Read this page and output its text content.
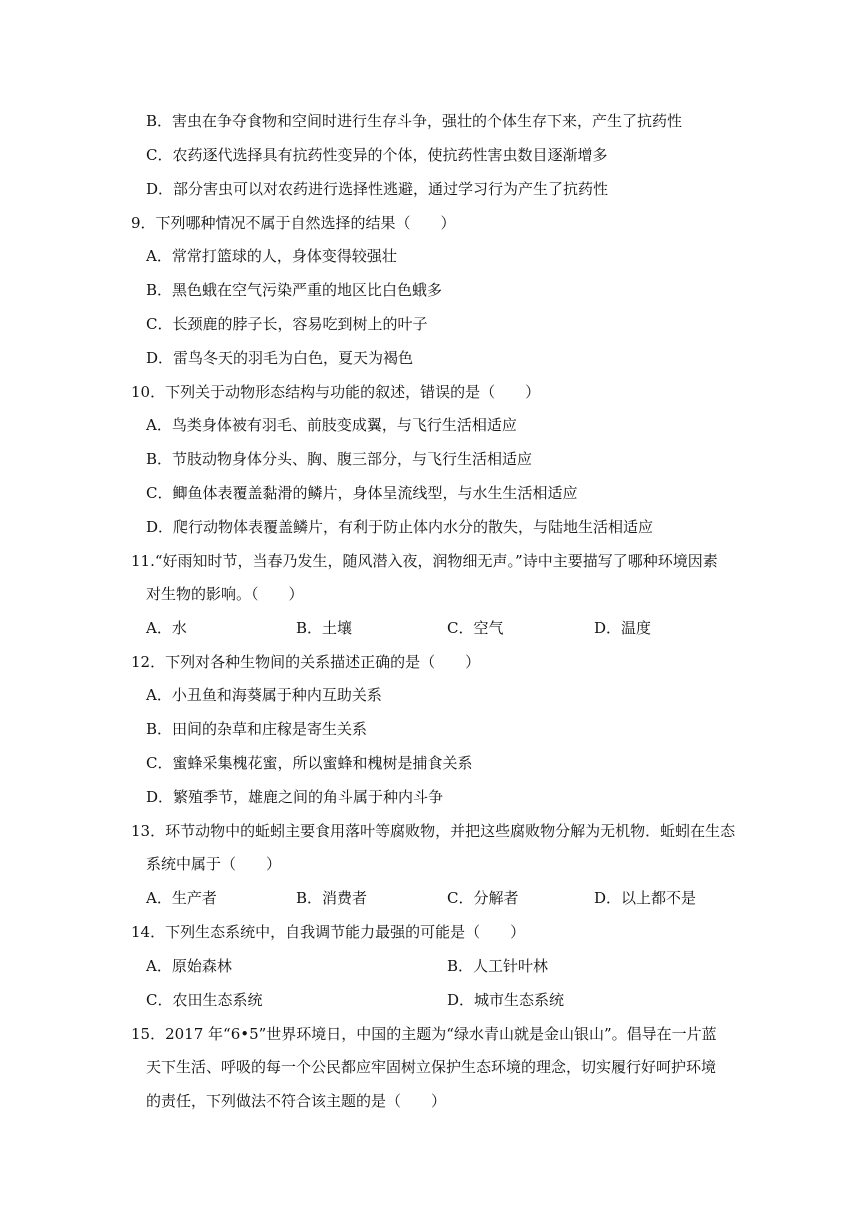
B．害虫在争夺食物和空间时进行生存斗争，强壮的个体生存下来，产生了抗药性
C．农药逐代选择具有抗药性变异的个体，使抗药性害虫数目逐渐增多
D．部分害虫可以对农药进行选择性逃避，通过学习行为产生了抗药性
9．下列哪种情况不属于自然选择的结果（　　）
A．常常打篮球的人，身体变得较强壮
B．黑色蛾在空气污染严重的地区比白色蛾多
C．长颈鹿的脖子长，容易吃到树上的叶子
D．雷鸟冬天的羽毛为白色，夏天为褐色
10．下列关于动物形态结构与功能的叙述，错误的是（　　）
A．鸟类身体被有羽毛、前肢变成翼，与飞行生活相适应
B．节肢动物身体分头、胸、腹三部分，与飞行生活相适应
C．鲫鱼体表覆盖黏滑的鳞片，身体呈流线型，与水生生活相适应
D．爬行动物体表覆盖鳞片，有利于防止体内水分的散失，与陆地生活相适应
11.“好雨知时节，当春乃发生，随风潜入夜，润物细无声。”诗中主要描写了哪种环境因素
对生物的影响。（　　）
A．水	B．土壤	C．空气	D．温度
12．下列对各种生物间的关系描述正确的是（　　）
A．小丑鱼和海葵属于种内互助关系
B．田间的杂草和庄稼是寄生关系
C．蜜蜂采集槐花蜜，所以蜜蜂和槐树是捕食关系
D．繁殖季节，雄鹿之间的角斗属于种内斗争
13．环节动物中的蚯蚓主要食用落叶等腐败物，并把这些腐败物分解为无机物．蚯蚓在生态
系统中属于（　　）
A．生产者	B．消费者	C．分解者	D．以上都不是
14．下列生态系统中，自我调节能力最强的可能是（　　）
A．原始森林	B．人工针叶林
C．农田生态系统	D．城市生态系统
15．2017 年“6•5”世界环境日，中国的主题为“绿水青山就是金山银山”。倡导在一片蓝
天下生活、呼吸的每一个公民都应牢固树立保护生态环境的理念，切实履行好呵护环境
的责任，下列做法不符合该主题的是（　　）
